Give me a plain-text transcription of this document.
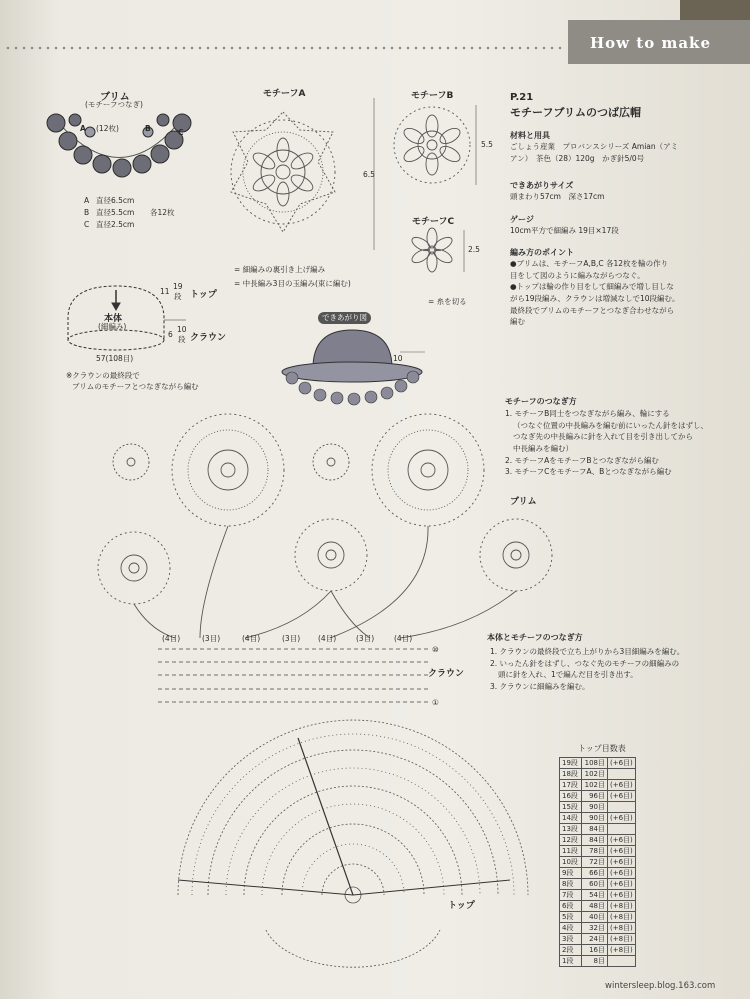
How to make
ブリム
(モチーフつなぎ)
(12枚)
A	B	C
A 直径6.5cm
B 直径5.5cm
C 直径2.5cm
各12枚
モチーフA	モチーフB
モチーフC
6.5
5.5
2.5
= 細編みの裏引き上げ編み
= 中長編み3目の玉編み(束に編む)
= 糸を切る
トップ
クラウン
本体
(細編み)
11
19
段
6
10
段
57(108目)
※クラウンの最終段で
ブリムのモチーフとつなぎながら編む
できあがり図
10
ブリム
クラウン
トップ
(4目)	(3目)	(4目)	(3目) (4目)	(3目)	(4目)
⑩
①
P.21
モチーフブリムのつば広帽
材料と用具

ごしょう産業　プロバンスシリーズ Amian（アミ

アン）　茶色（28）120g　かぎ針5/0号

できあがりサイズ
頭まわり57cm　深さ17cm
ゲージ
10cm平方で細編み 19目×17段
編み方のポイント

●ブリムは、モチーフA,B,C 各12枚を輪の作り

目をして図のように編みながらつなぐ。

●トップは輪の作り目をして細編みで増し目しな

がら19段編み、クラウンは増減なしで10段編む。

最終段でブリムのモチーフとつなぎ合わせながら

編む

モチーフのつなぎ方

1. モチーフB同士をつなぎながら編み、輪にする

（つなぐ位置の中長編みを編む前にいったん針をはずし、

つなぎ先の中長編みに針を入れて目を引き出してから

中長編みを編む）

2. モチーフAをモチーフBとつなぎながら編む

3. モチーフCをモチーフA、Bとつなぎながら編む

本体とモチーフのつなぎ方

1. クラウンの最終段で立ち上がりから3目細編みを編む。

2. いったん針をはずし、つなぐ先のモチーフの細編みの

頭に針を入れ、1で編んだ目を引き出す。

3. クラウンに細編みを編む。

トップ目数表
19段	108目	(+6目)
18段	102目	
17段	102目	(+6目)
16段	96目	(+6目)
15段	90目	
14段	90目	(+6目)
13段	84目	
12段	84目	(+6目)
11段	78目	(+6目)
10段	72目	(+6目)
9段	66目	(+6目)
8段	60目	(+6目)
7段	54目	(+6目)
6段	48目	(+8目)
5段	40目	(+8目)
4段	32目	(+8目)
3段	24目	(+8目)
2段	16目	(+8目)
1段	8目	
wintersleep.blog.163.com
